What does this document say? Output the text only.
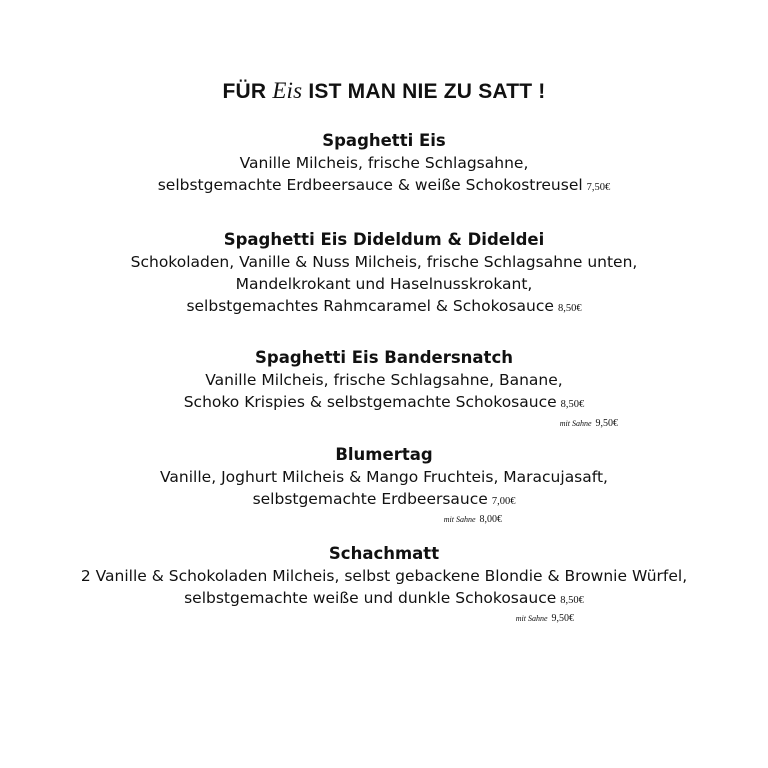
FÜR Eis IST MAN NIE ZU SATT !
Spaghetti Eis
Vanille Milcheis, frische Schlagsahne,
selbstgemachte Erdbeersauce & weiße Schokostreusel 7,50€
Spaghetti Eis Dideldum & Dideldei
Schokoladen, Vanille & Nuss Milcheis, frische Schlagsahne unten,
Mandelkrokant und Haselnusskrokant,
selbstgemachtes Rahmcaramel & Schokosauce 8,50€
Spaghetti Eis Bandersnatch
Vanille Milcheis, frische Schlagsahne, Banane,
Schoko Krispies & selbstgemachte Schokosauce 8,50€
mit Sahne 9,50€
Blumertag
Vanille, Joghurt Milcheis & Mango Fruchteis, Maracujasaft,
selbstgemachte Erdbeersauce 7,00€
mit Sahne 8,00€
Schachmatt
2 Vanille & Schokoladen Milcheis, selbst gebackene Blondie & Brownie Würfel,
selbstgemachte weiße und dunkle Schokosauce 8,50€
mit Sahne 9,50€
